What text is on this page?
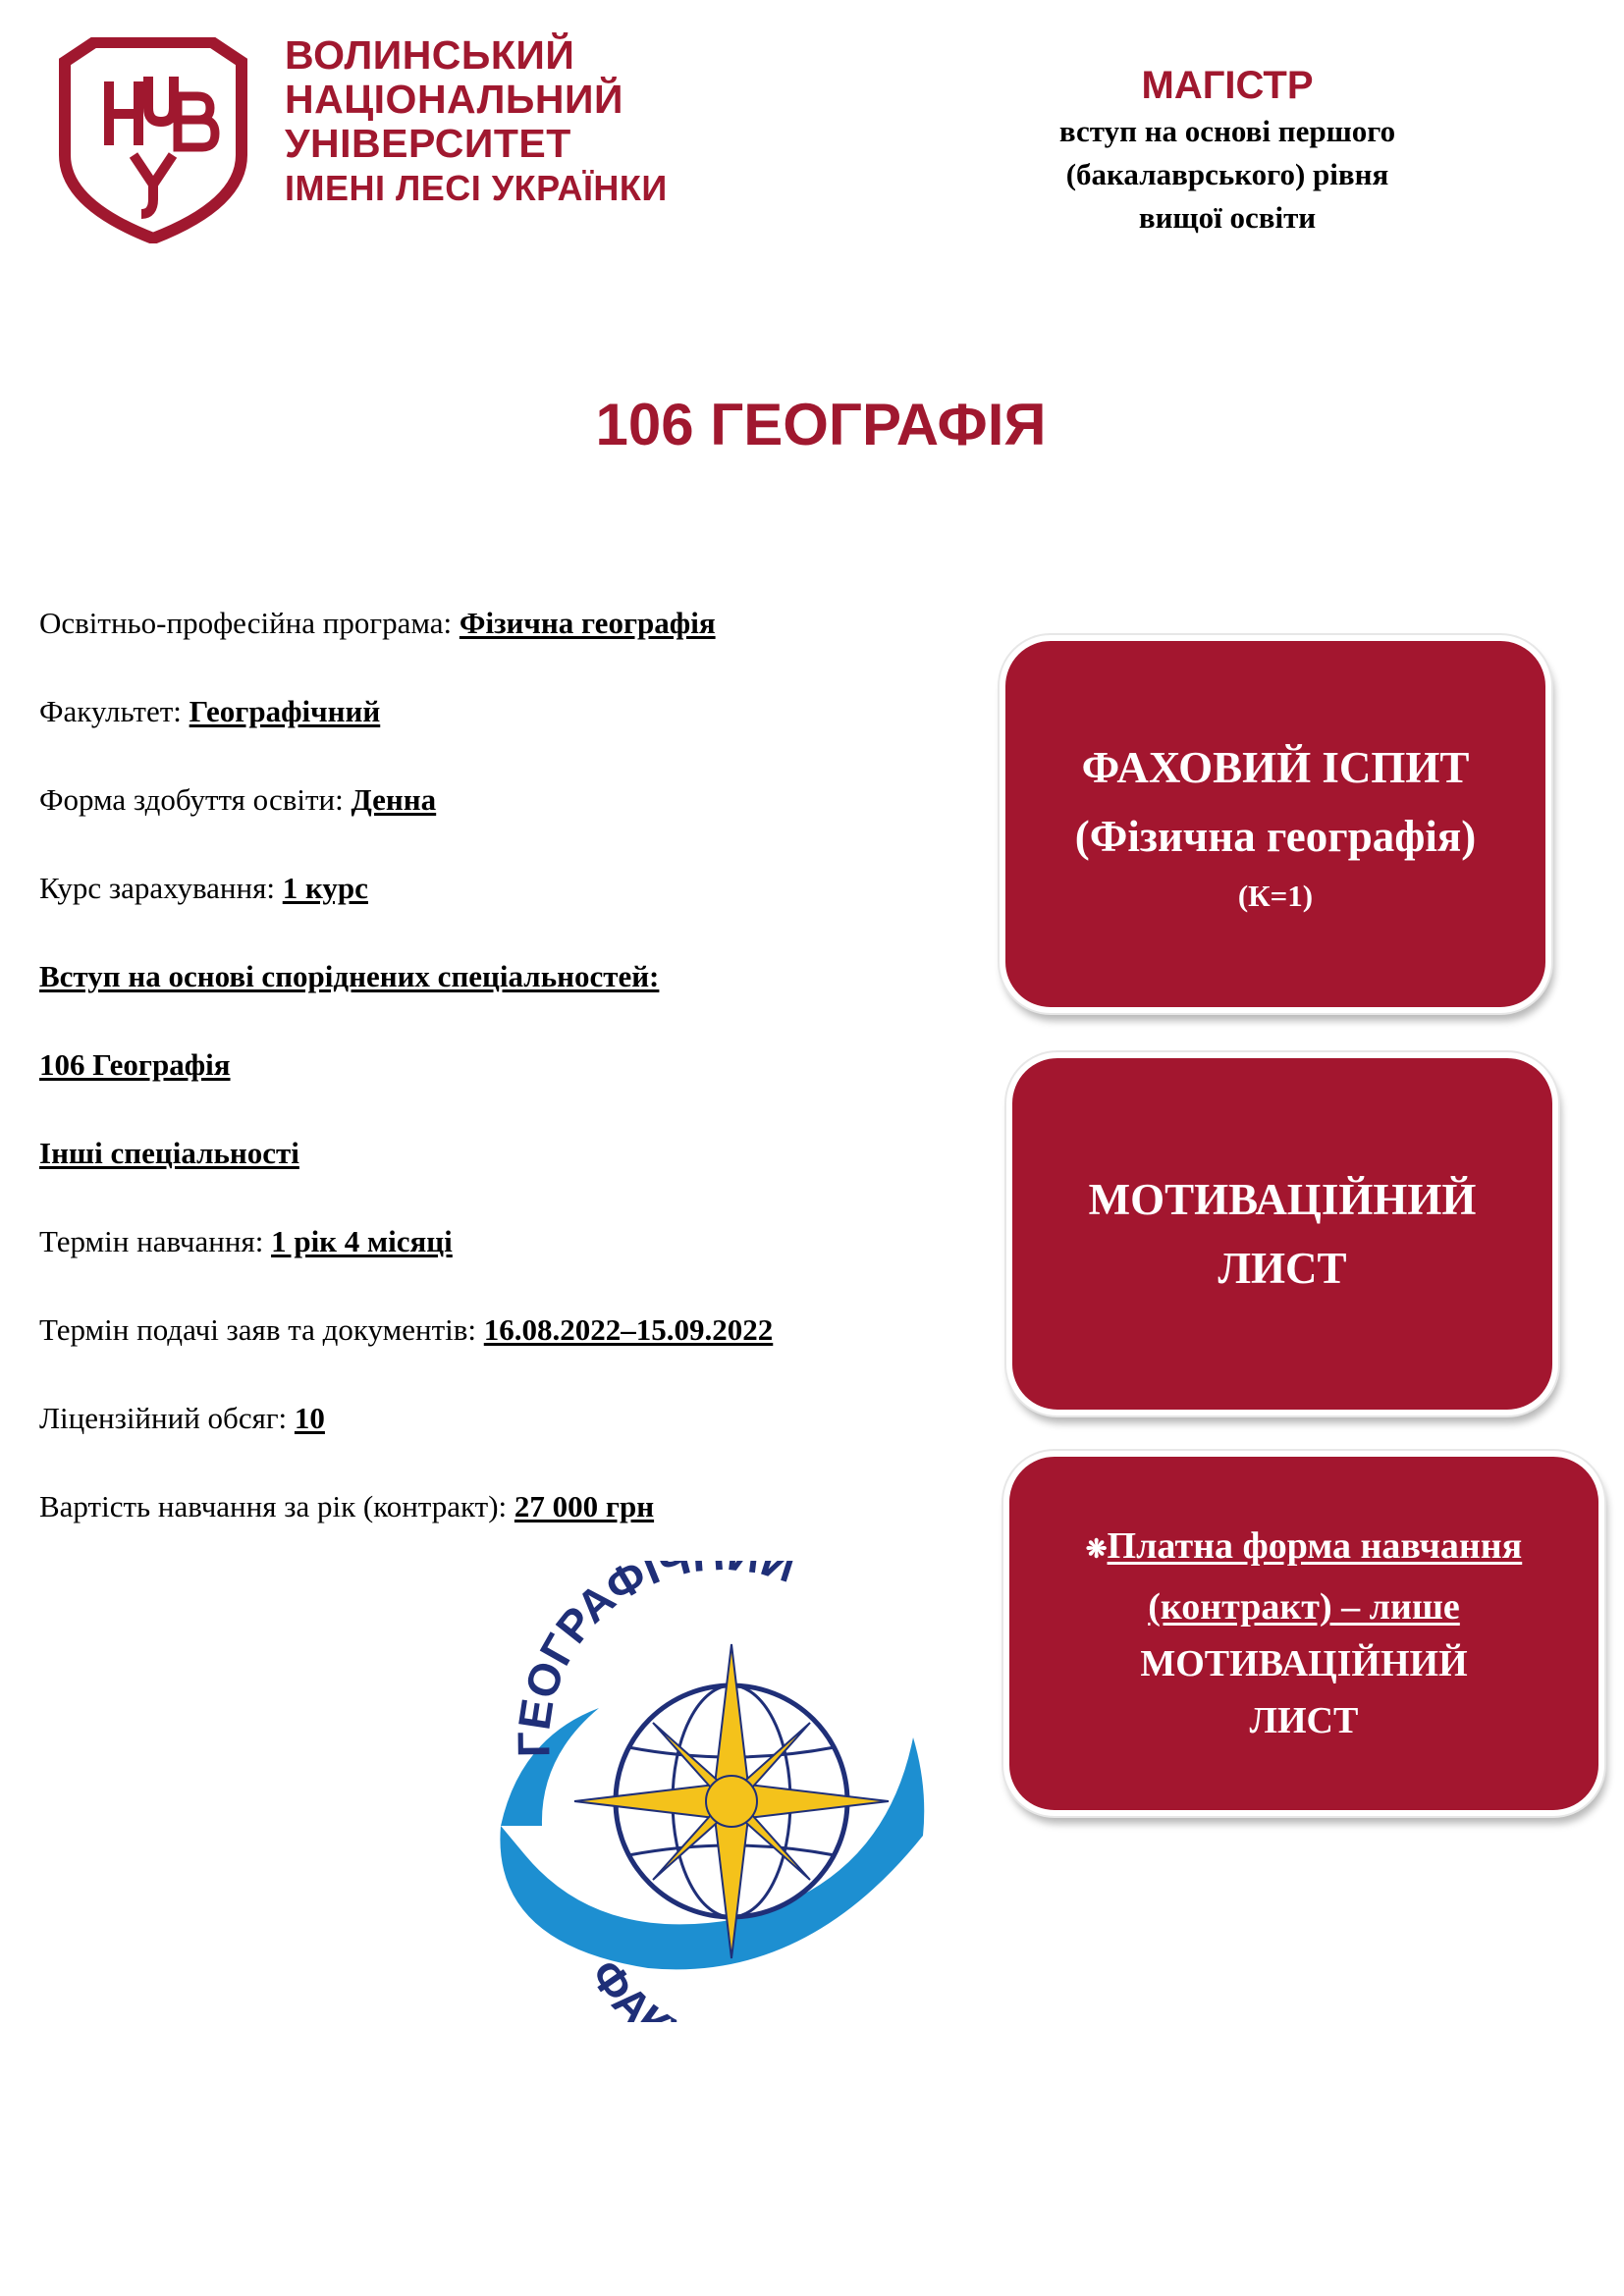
ВОЛИНСЬКИЙ
НАЦІОНАЛЬНИЙ
УНІВЕРСИТЕТ
ІМЕНІ ЛЕСІ УКРАЇНКИ
МАГІСТР
вступ на основі першого
(бакалаврського) рівня
вищої освіти
106 ГЕОГРАФІЯ
Освітньо-професійна програма: Фізична географія
Факультет: Географічний
Форма здобуття освіти: Денна
Курс зарахування: 1 курс
Вступ на основі споріднених спеціальностей:
106 Географія
Інші спеціальності
Термін навчання: 1 рік 4 місяці
Термін подачі заяв та документів: 16.08.2022–15.09.2022
Ліцензійний обсяг: 10
Вартість навчання за рік (контракт): 27 000 грн
ФАХОВИЙ ІСПИТ
(Фізична географія)
(К=1)
МОТИВАЦІЙНИЙ
ЛИСТ
❋Платна форма навчання
(контракт) – лише
МОТИВАЦІЙНИЙ
ЛИСТ
ГЕОГРАФІ Й
ФА
